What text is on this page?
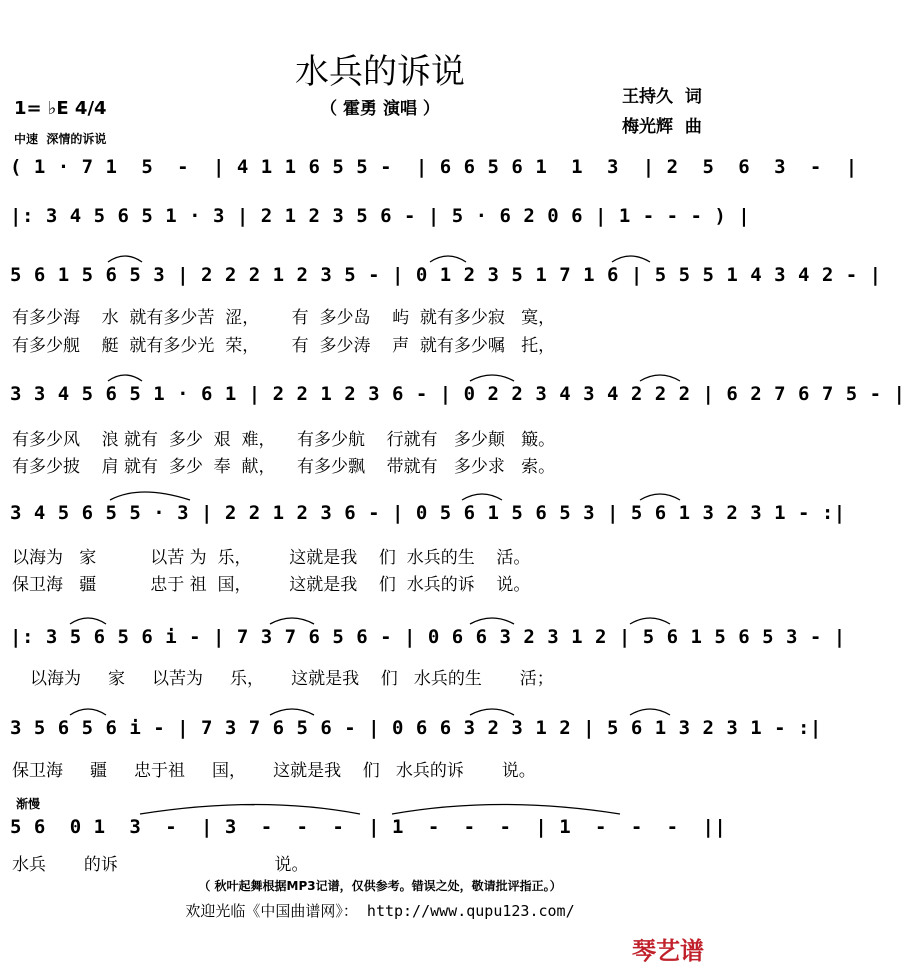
水兵的诉说
（ 霍勇 演唱 ）
1= ♭E 4/4
中速  深情的诉说
王持久  词
梅光辉  曲
( 1 · 7 1  5  -  | 4 1 1 6 5 5 -  | 6 6 5 6 1  1  3  | 2  5  6  3  -  |
|: 3 4 5 6 5 1 · 3 | 2 1 2 3 5 6 - | 5 · 6 2 0 6 | 1 - - - ) |
5 6 1 5 6 5 3 | 2 2 2 1 2 3 5 - | 0 1 2 3 5 1 7 1 6 | 5 5 5 1 4 3 4 2 - |
有多少海    水  就有多少苦  涩，      有  多少岛    屿  就有多少寂   寞，
有多少舰    艇  就有多少光  荣，      有  多少涛    声  就有多少嘱   托，
3 3 4 5 6 5 1 · 6 1 | 2 2 1 2 3 6 - | 0 2 2 3 4 3 4 2 2 2 | 6 2 7 6 7 5 - |
有多少风    浪 就有  多少  艰  难，    有多少航    行就有   多少颠   簸。
有多少披    肩 就有  多少  奉  献，    有多少飘    带就有   多少求   索。
3 4 5 6 5 5 · 3 | 2 2 1 2 3 6 - | 0 5 6 1 5 6 5 3 | 5 6 1 3 2 3 1 - :|
以海为   家          以苦 为  乐，       这就是我    们  水兵的生    活。
保卫海   疆          忠于 祖  国，       这就是我    们  水兵的诉    说。
|: 3 5 6 5 6 i - | 7 3 7 6 5 6 - | 0 6 6 3 2 3 1 2 | 5 6 1 5 6 5 3 - |
以海为     家     以苦为     乐，     这就是我    们   水兵的生       活；
3 5 6 5 6 i - | 7 3 7 6 5 6 - | 0 6 6 3 2 3 1 2 | 5 6 1 3 2 3 1 - :|
保卫海     疆     忠于祖     国，     这就是我    们   水兵的诉       说。
渐慢
5 6  0 1  3  -  | 3  -  -  -  | 1  -  -  -  | 1  -  -  -  ||
水兵       的诉                             说。
（ 秋叶起舞根据MP3记谱，仅供参考。错误之处，敬请批评指正。）
欢迎光临《中国曲谱网》： http://www.qupu123.com/
琴艺谱
